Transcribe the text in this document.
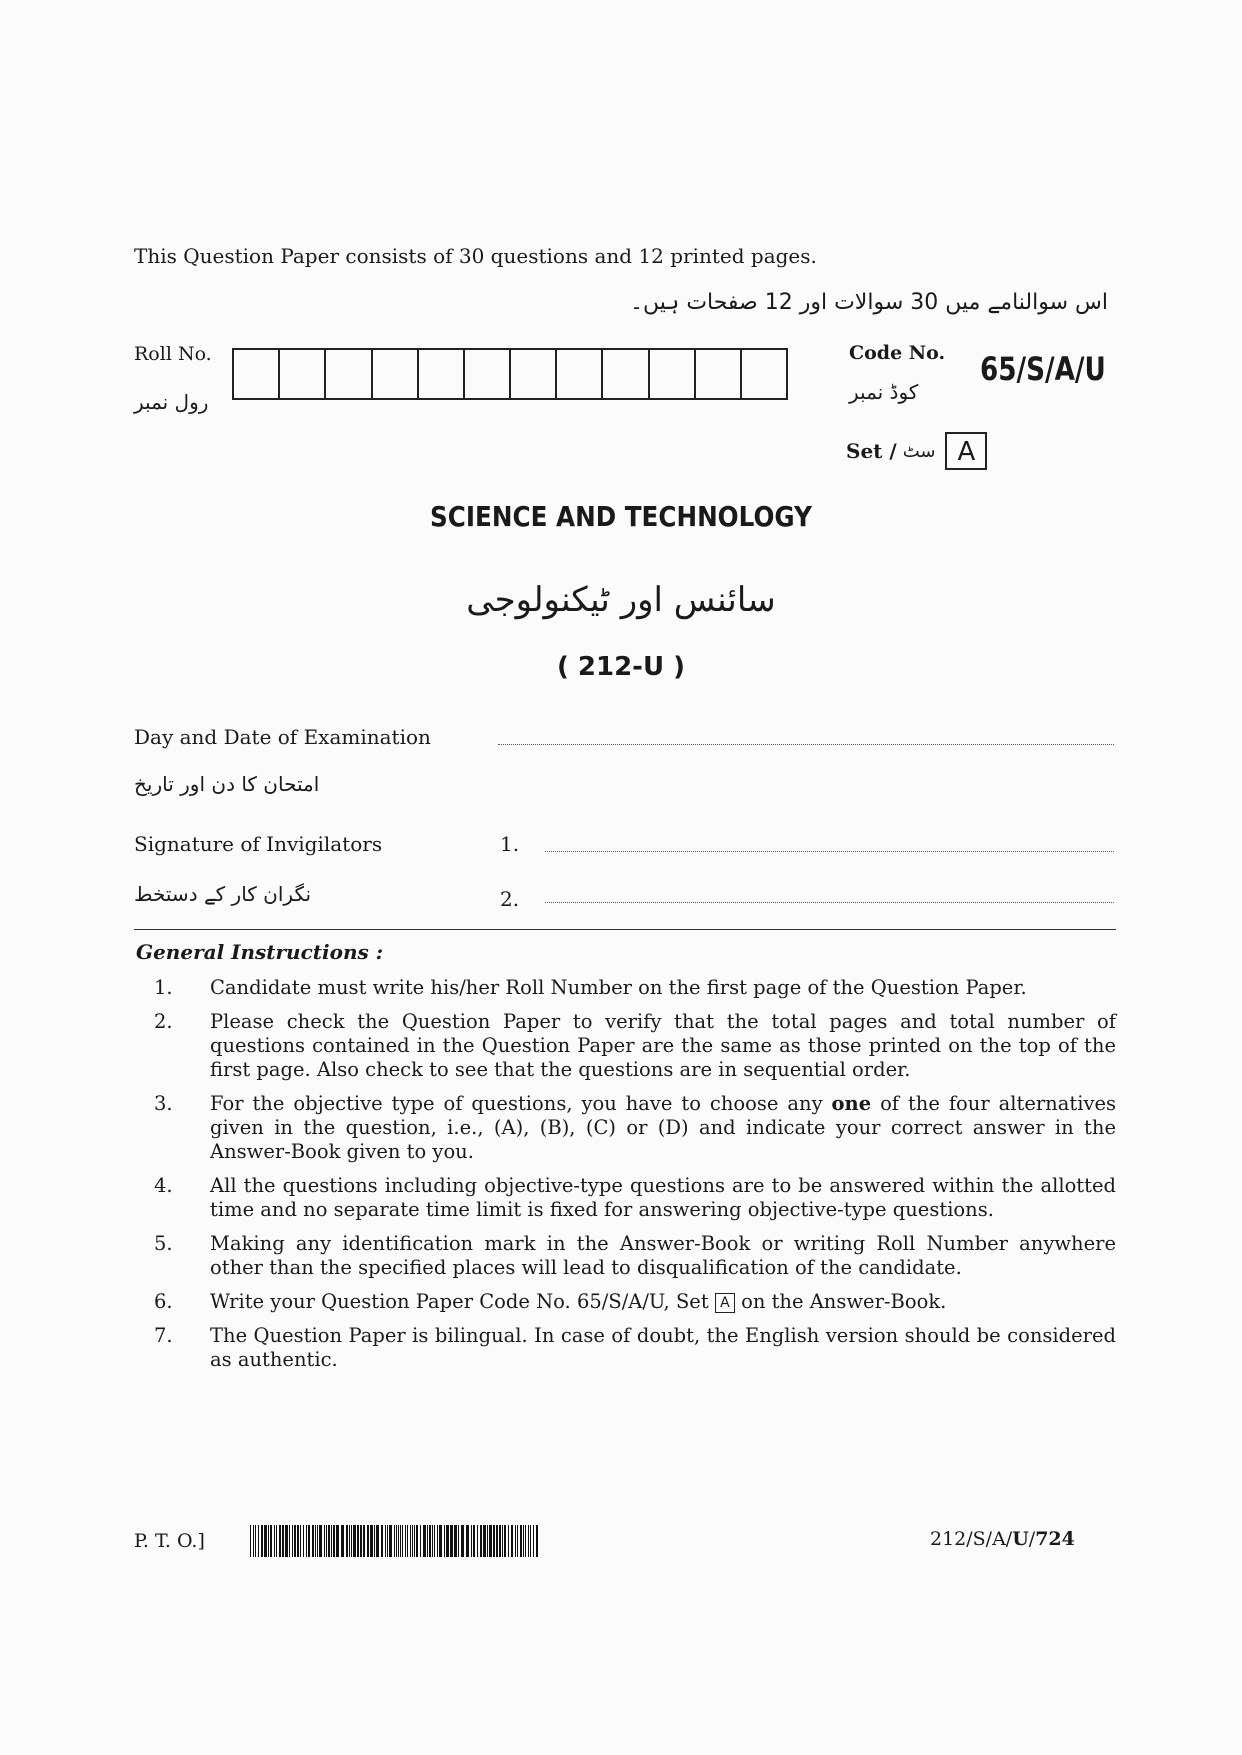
This Question Paper consists of 30 questions and 12 printed pages.
اس سوالنامے میں 30 سوالات اور 12 صفحات ہیں۔
Roll No.
رول نمبر
Code No. 65/S/A/U
کوڈ نمبر
Set / سٹ A
SCIENCE AND TECHNOLOGY
سائنس اور ٹیکنولوجی
( 212-U )
Day and Date of Examination
امتحان کا دن اور تاریخ
Signature of Invigilators	1.
نگران کار کے دستخط	2.
General Instructions :
1.	Candidate must write his/her Roll Number on the first page of the Question Paper.
2.	Please check the Question Paper to verify that the total pages and total number of questions contained in the Question Paper are the same as those printed on the top of the first page. Also check to see that the questions are in sequential order.
3.	For the objective type of questions, you have to choose any one of the four alternatives given in the question, i.e., (A), (B), (C) or (D) and indicate your correct answer in the Answer-Book given to you.
4.	All the questions including objective-type questions are to be answered within the allotted time and no separate time limit is fixed for answering objective-type questions.
5.	Making any identification mark in the Answer-Book or writing Roll Number anywhere other than the specified places will lead to disqualification of the candidate.
6.	Write your Question Paper Code No. 65/S/A/U, Set A on the Answer-Book.
7.	The Question Paper is bilingual. In case of doubt, the English version should be considered as authentic.
P. T. O.]	212/S/A/U/724
